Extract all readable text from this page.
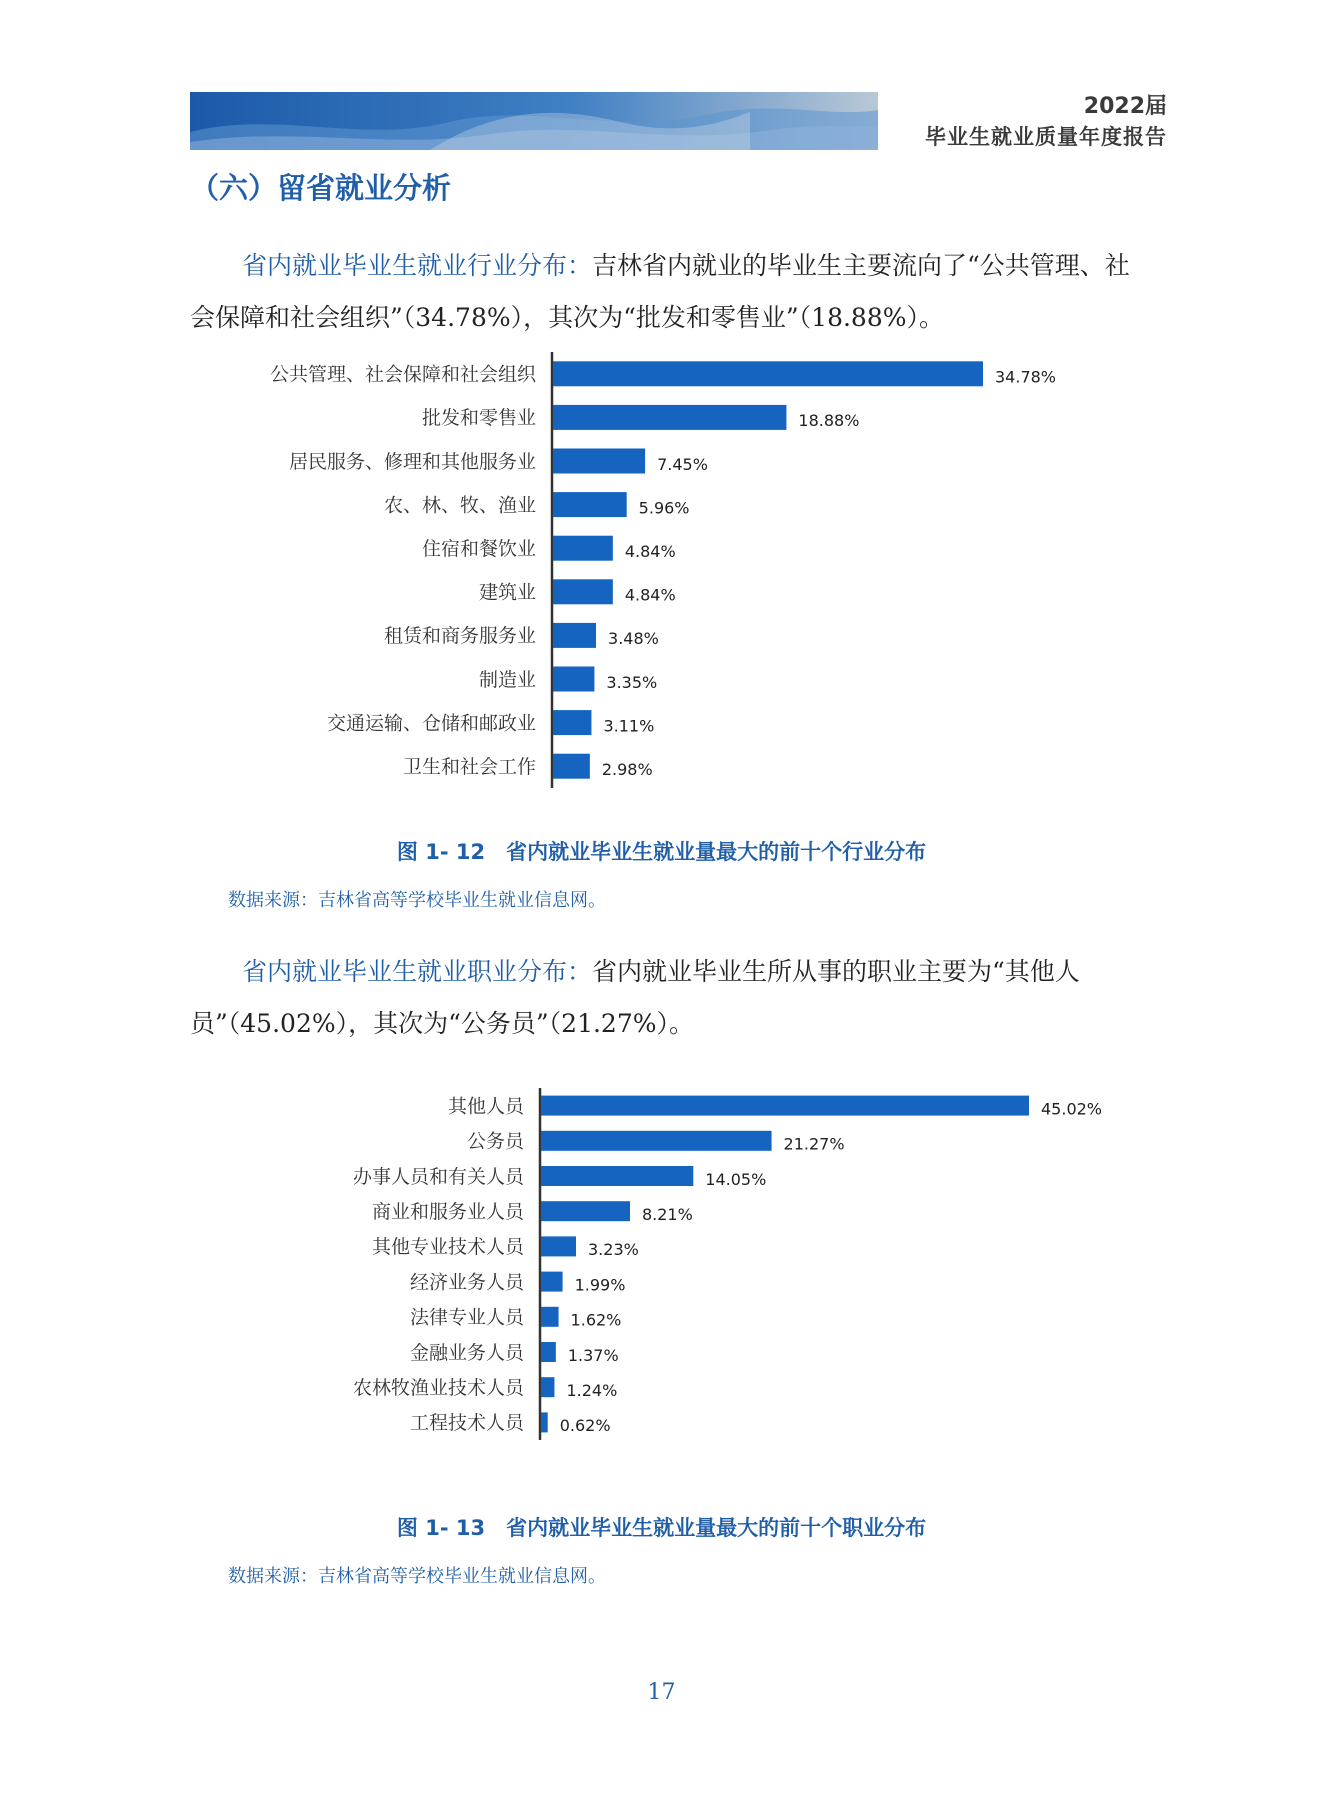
2022届
毕业生就业质量年度报告
（六）留省就业分析
省内就业毕业生就业行业分布：吉林省内就业的毕业生主要流向了“公共管理、社会保障和社会组织”（34.78%），其次为“批发和零售业”（18.88%）。
公共管理、社会保障和社会组织	34.78%
批发和零售业	18.88%
居民服务、修理和其他服务业	7.45%
农、林、牧、渔业	5.96%
住宿和餐饮业	4.84%
建筑业	4.84%
租赁和商务服务业	3.48%
制造业	3.35%
交通运输、仓储和邮政业	3.11%
卫生和社会工作	2.98%
图 1- 12　省内就业毕业生就业量最大的前十个行业分布
数据来源：吉林省高等学校毕业生就业信息网。
省内就业毕业生就业职业分布：省内就业毕业生所从事的职业主要为“其他人员”（45.02%），其次为“公务员”（21.27%）。
其他人员	45.02%
公务员	21.27%
办事人员和有关人员	14.05%
商业和服务业人员	8.21%
其他专业技术人员	3.23%
经济业务人员	1.99%
法律专业人员	1.62%
金融业务人员	1.37%
农林牧渔业技术人员	1.24%
工程技术人员 0.62%
图 1- 13　省内就业毕业生就业量最大的前十个职业分布
数据来源：吉林省高等学校毕业生就业信息网。
17
